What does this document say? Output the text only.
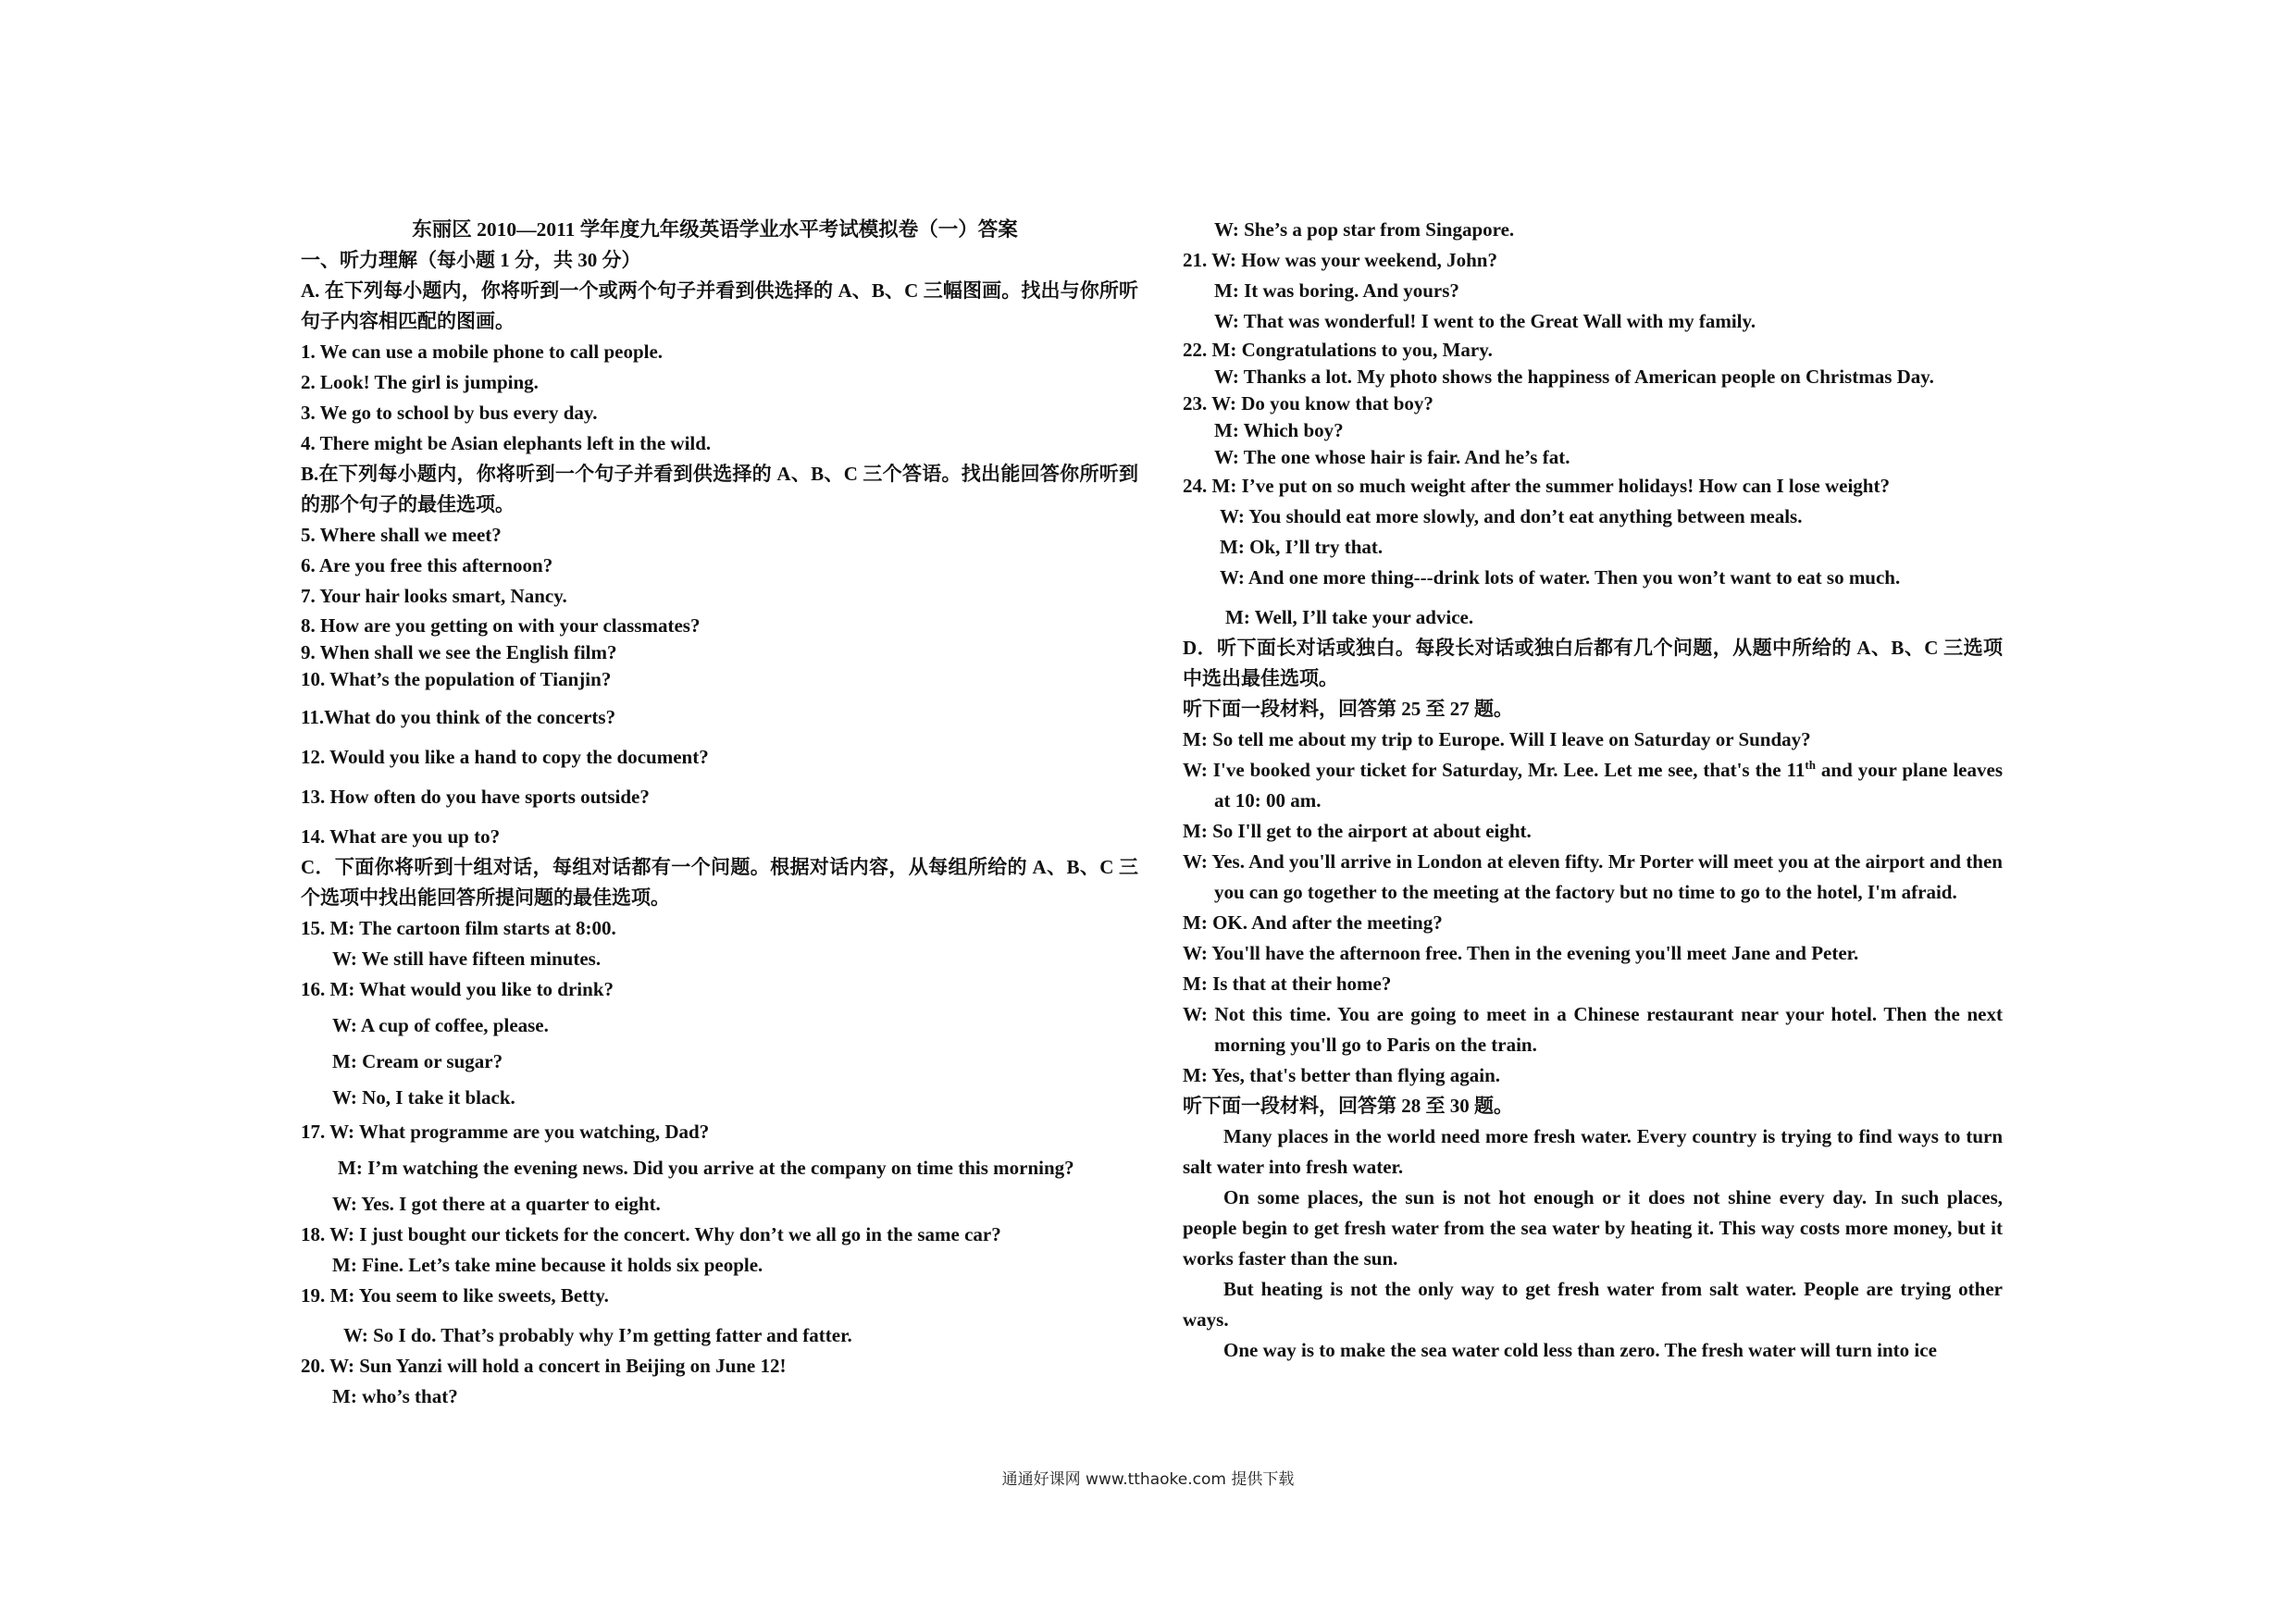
东丽区 2010—2011 学年度九年级英语学业水平考试模拟卷（一）答案
一、听力理解（每小题 1 分，共 30 分）
A. 在下列每小题内，你将听到一个或两个句子并看到供选择的 A、B、C 三幅图画。找出与你所听句子内容相匹配的图画。
1. We can use a mobile phone to call people.
2. Look! The girl is jumping.
3. We go to school by bus every day.
4. There might be Asian elephants left in the wild.
B.在下列每小题内，你将听到一个句子并看到供选择的 A、B、C 三个答语。找出能回答你所听到的那个句子的最佳选项。
5. Where shall we meet?
6. Are you free this afternoon?
7. Your hair looks smart, Nancy.
8. How are you getting on with your classmates?
9. When shall we see the English film?
10. What’s the population of Tianjin?
11.What do you think of the concerts?
12. Would you like a hand to copy the document?
13. How often do you have sports outside?
14. What are you up to?
C．下面你将听到十组对话，每组对话都有一个问题。根据对话内容，从每组所给的 A、B、C 三个选项中找出能回答所提问题的最佳选项。
15. M: The cartoon film starts at 8:00.
W: We still have fifteen minutes.
16. M: What would you like to drink?
W: A cup of coffee, please.
M: Cream or sugar?
W: No, I take it black.
17. W: What programme are you watching, Dad?
M: I’m watching the evening news. Did you arrive at the company on time this morning?
W: Yes. I got there at a quarter to eight.
18. W: I just bought our tickets for the concert. Why don’t we all go in the same car?
M: Fine. Let’s take mine because it holds six people.
19. M: You seem to like sweets, Betty.
W: So I do. That’s probably why I’m getting fatter and fatter.
20. W: Sun Yanzi will hold a concert in Beijing on June 12!
M: who’s that?
W: She’s a pop star from Singapore.
21. W: How was your weekend, John?
M: It was boring. And yours?
W: That was wonderful! I went to the Great Wall with my family.
22. M: Congratulations to you, Mary.
W: Thanks a lot. My photo shows the happiness of American people on Christmas Day.
23. W: Do you know that boy?
M: Which boy?
W: The one whose hair is fair. And he’s fat.
24. M: I’ve put on so much weight after the summer holidays! How can I lose weight?
W: You should eat more slowly, and don’t eat anything between meals.
M: Ok, I’ll try that.
W: And one more thing---drink lots of water. Then you won’t want to eat so much.
M: Well, I’ll take your advice.
D．听下面长对话或独白。每段长对话或独白后都有几个问题，从题中所给的 A、B、C 三选项中选出最佳选项。
听下面一段材料，回答第 25 至 27 题。
M: So tell me about my trip to Europe. Will I leave on Saturday or Sunday?
W: I've booked your ticket for Saturday, Mr. Lee. Let me see, that's the 11th and your plane leaves at 10: 00 am.
M: So I'll get to the airport at about eight.
W: Yes. And you'll arrive in London at eleven fifty. Mr Porter will meet you at the airport and then you can go together to the meeting at the factory but no time to go to the hotel, I'm afraid.
M: OK. And after the meeting?
W: You'll have the afternoon free. Then in the evening you'll meet Jane and Peter.
M: Is that at their home?
W: Not this time. You are going to meet in a Chinese restaurant near your hotel. Then the next morning you'll go to Paris on the train.
M: Yes, that's better than flying again.
听下面一段材料，回答第 28 至 30 题。
Many places in the world need more fresh water. Every country is trying to find ways to turn salt water into fresh water.
On some places, the sun is not hot enough or it does not shine every day. In such places, people begin to get fresh water from the sea water by heating it. This way costs more money, but it works faster than the sun.
But heating is not the only way to get fresh water from salt water. People are trying other ways.
One way is to make the sea water cold less than zero. The fresh water will turn into ice
通通好课网 www.tthaoke.com 提供下载
